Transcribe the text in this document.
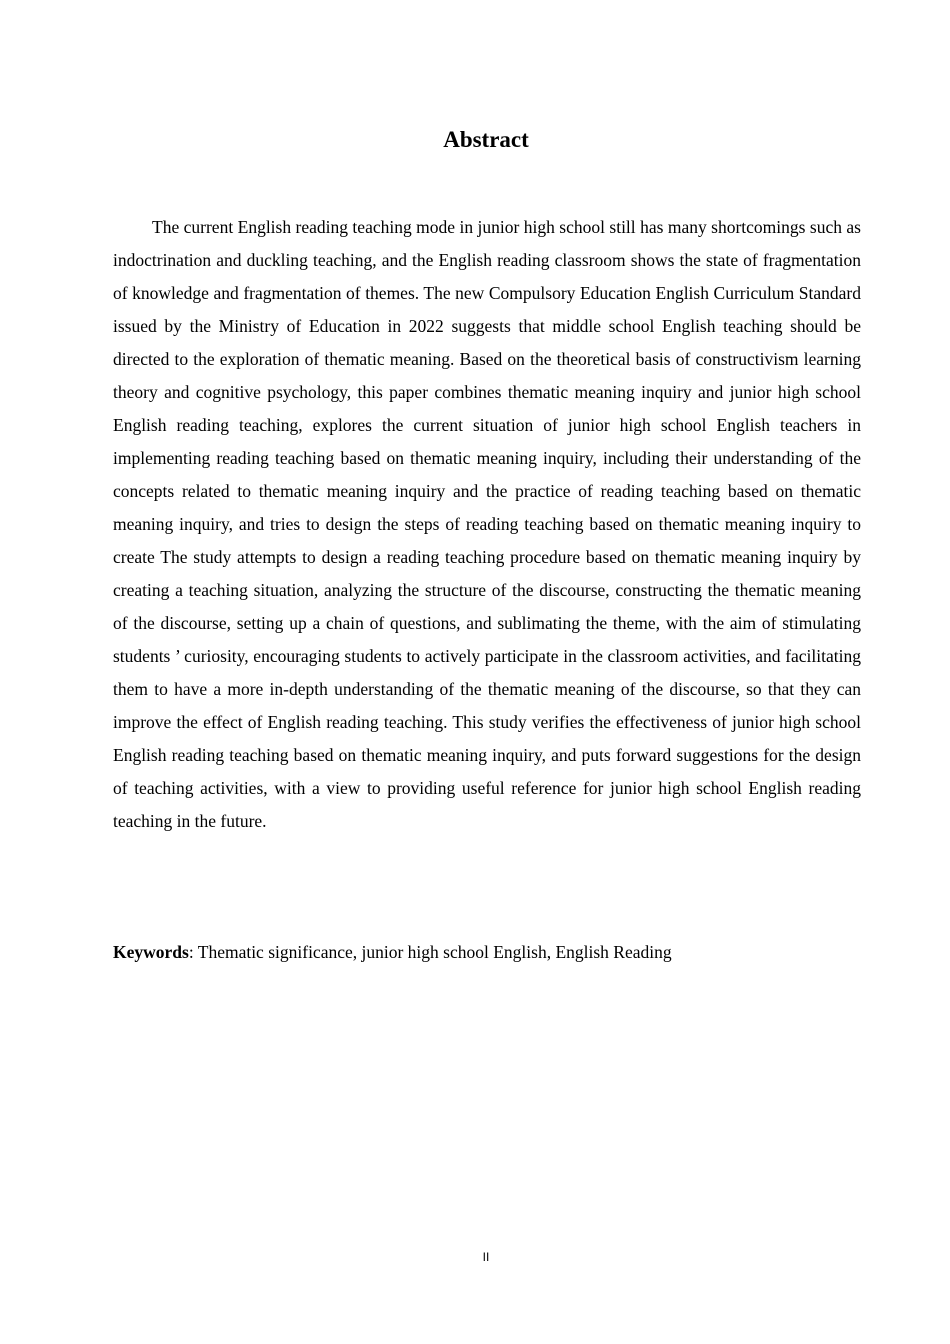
Abstract

The current English reading teaching mode in junior high school still has many shortcomings such as indoctrination and duckling teaching, and the English reading classroom shows the state of fragmentation of knowledge and fragmentation of themes. The new Compulsory Education English Curriculum Standard issued by the Ministry of Education in 2022 suggests that middle school English teaching should be directed to the exploration of thematic meaning. Based on the theoretical basis of constructivism learning theory and cognitive psychology, this paper combines thematic meaning inquiry and junior high school English reading teaching, explores the current situation of junior high school English teachers in implementing reading teaching based on thematic meaning inquiry, including their understanding of the concepts related to thematic meaning inquiry and the practice of reading teaching based on thematic meaning inquiry, and tries to design the steps of reading teaching based on thematic meaning inquiry to create The study attempts to design a reading teaching procedure based on thematic meaning inquiry by creating a teaching situation, analyzing the structure of the discourse, constructing the thematic meaning of the discourse, setting up a chain of questions, and sublimating the theme, with the aim of stimulating students ’ curiosity, encouraging students to actively participate in the classroom activities, and facilitating them to have a more in-depth understanding of the thematic meaning of the discourse, so that they can improve the effect of English reading teaching. This study verifies the effectiveness of junior high school English reading teaching based on thematic meaning inquiry, and puts forward suggestions for the design of teaching activities, with a view to providing useful reference for junior high school English reading teaching in the future.

Keywords: Thematic significance, junior high school English, English Reading

II
